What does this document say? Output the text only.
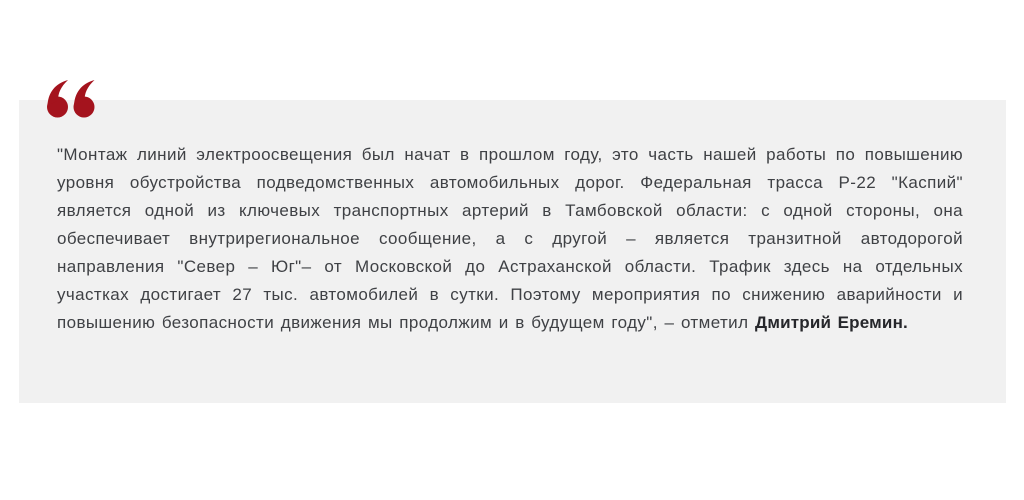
"Монтаж линий электроосвещения был начат в прошлом году, это часть нашей работы по повышению уровня обустройства подведомственных автомобильных дорог. Федеральная трасса Р-22 "Каспий" является одной из ключевых транспортных артерий в Тамбовской области: с одной стороны, она обеспечивает внутрирегиональное сообщение, а с другой – является транзитной автодорогой направления "Север – Юг"– от Московской до Астраханской области. Трафик здесь на отдельных участках достигает 27 тыс. автомобилей в сутки. Поэтому мероприятия по снижению аварийности и повышению безопасности движения мы продолжим и в будущем году", – отметил Дмитрий Еремин.
